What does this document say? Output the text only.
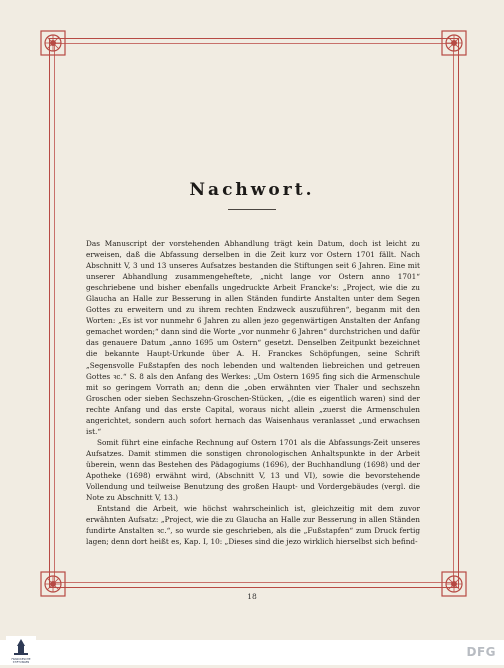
Nachwort.

Das Manuscript der vorstehenden Abhandlung trägt kein Datum, doch ist leicht zu erweisen, daß die Abfassung derselben in die Zeit kurz vor Ostern 1701 fällt. Nach Abschnitt V, 3 und 13 unseres Aufsatzes bestanden die Stiftungen seit 6 Jahren. Eine mit unserer Abhandlung zusammengeheftete, „nicht lange vor Ostern anno 1701“ geschriebene und bisher ebenfalls ungedruckte Arbeit Francke's: „Project, wie die zu Glaucha an Halle zur Besserung in allen Ständen fundirte Anstalten unter dem Segen Gottes zu erweitern und zu ihrem rechten Endzweck auszuführen“, beganm mit den Worten: „Es ist vor nunmehr 6 Jahren zu allen jezo gegenwärtigen Anstalten der Anfang gemachet worden;“ dann sind die Worte „vor nunmehr 6 Jahren“ durchstrichen und dafür das genauere Datum „anno 1695 um Ostern“ gesetzt. Denselben Zeitpunkt bezeichnet die bekannte Haupt-Urkunde über A. H. Franckes Schöpfungen, seine Schrift „Segensvolle Fußstapfen des noch lebenden und waltenden liebreichen und getreuen Gottes ꝛc.“ S. 8 als den Anfang des Werkes: „Um Ostern 1695 fing sich die Armenschule mit so geringem Vorrath an; denn die „oben erwähnten vier Thaler und sechszehn Groschen oder sieben Sechszehn-Groschen-Stücken, „(die es eigentlich waren) sind der rechte Anfang und das erste Capital, woraus nicht allein „zuerst die Armenschulen angerichtet, sondern auch sofort hernach das Waisenhaus veranlasset „und erwachsen ist.“

Somit führt eine einfache Rechnung auf Ostern 1701 als die Abfassungs-Zeit unseres Aufsatzes. Damit stimmen die sonstigen chronologischen Anhaltspunkte in der Arbeit überein, wenn das Bestehen des Pädagogiums (1696), der Buchhandlung (1698) und der Apotheke (1698) erwähnt wird, (Abschnitt V, 13 und VI), sowie die bevorstehende Vollendung und teilweise Benutzung des großen Haupt- und Vordergebäudes (vergl. die Note zu Abschnitt V, 13.)

Entstand die Arbeit, wie höchst wahrscheinlich ist, gleichzeitig mit dem zuvor erwähnten Aufsatz: „Project, wie die zu Glaucha an Halle zur Besserung in allen Ständen fundirte Anstalten ꝛc.“, so wurde sie geschrieben, als die „Fußstapfen“ zum Druck fertig lagen; denn dort heißt es, Kap. I, 10: „Dieses sind die jezo wirklich hierselbst sich befind-

18
FRANCKESCHE
STIFTUNGEN
DFG
